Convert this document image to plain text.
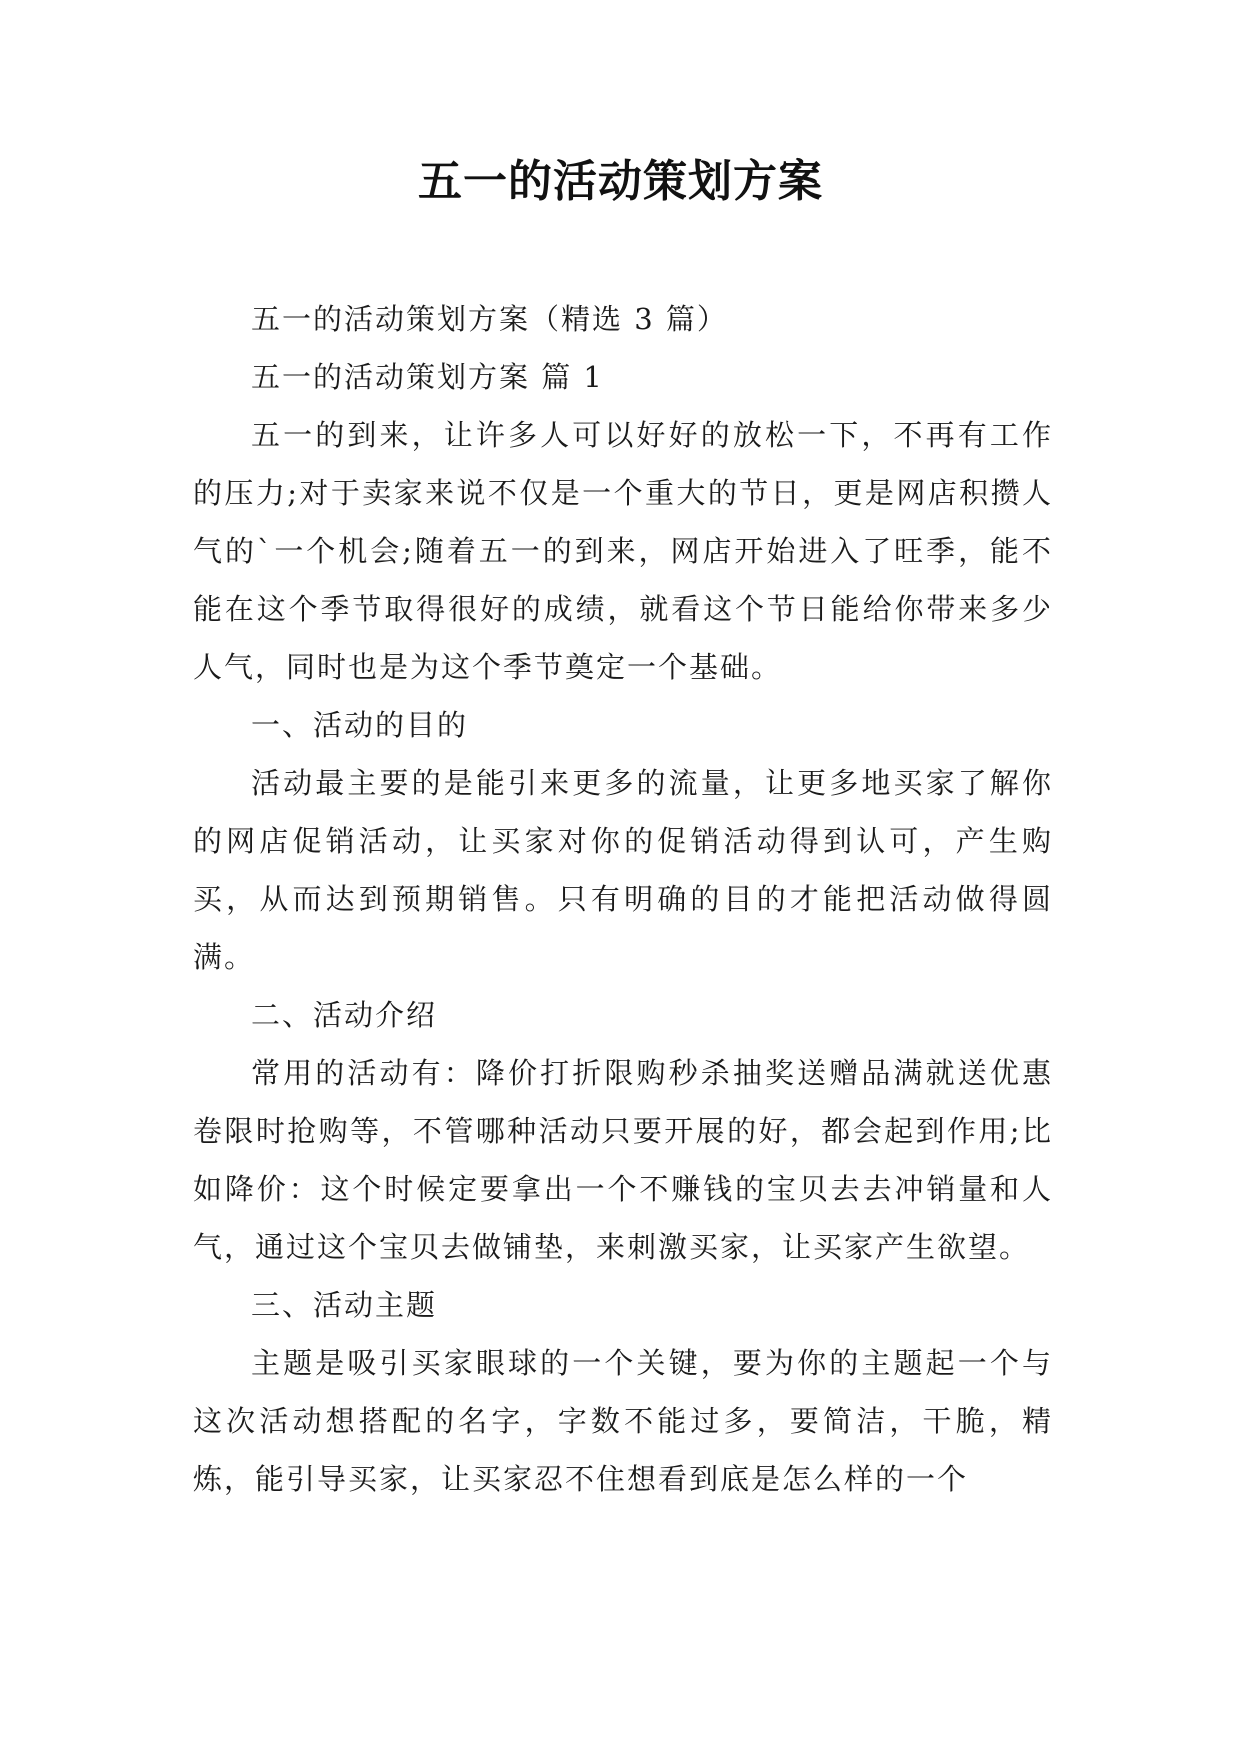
五一的活动策划方案

五一的活动策划方案（精选 3 篇）

五一的活动策划方案 篇 1

五一的到来，让许多人可以好好的放松一下，不再有工作的压力;对于卖家来说不仅是一个重大的节日，更是网店积攒人气的`一个机会;随着五一的到来，网店开始进入了旺季，能不能在这个季节取得很好的成绩，就看这个节日能给你带来多少人气，同时也是为这个季节奠定一个基础。

一、活动的目的

活动最主要的是能引来更多的流量，让更多地买家了解你的网店促销活动，让买家对你的促销活动得到认可，产生购买，从而达到预期销售。只有明确的目的才能把活动做得圆满。

二、活动介绍

常用的活动有：降价打折限购秒杀抽奖送赠品满就送优惠卷限时抢购等，不管哪种活动只要开展的好，都会起到作用;比如降价：这个时候定要拿出一个不赚钱的宝贝去去冲销量和人气，通过这个宝贝去做铺垫，来刺激买家，让买家产生欲望。

三、活动主题

主题是吸引买家眼球的一个关键，要为你的主题起一个与这次活动想搭配的名字，字数不能过多，要简洁，干脆，精炼，能引导买家，让买家忍不住想看到底是怎么样的一个
